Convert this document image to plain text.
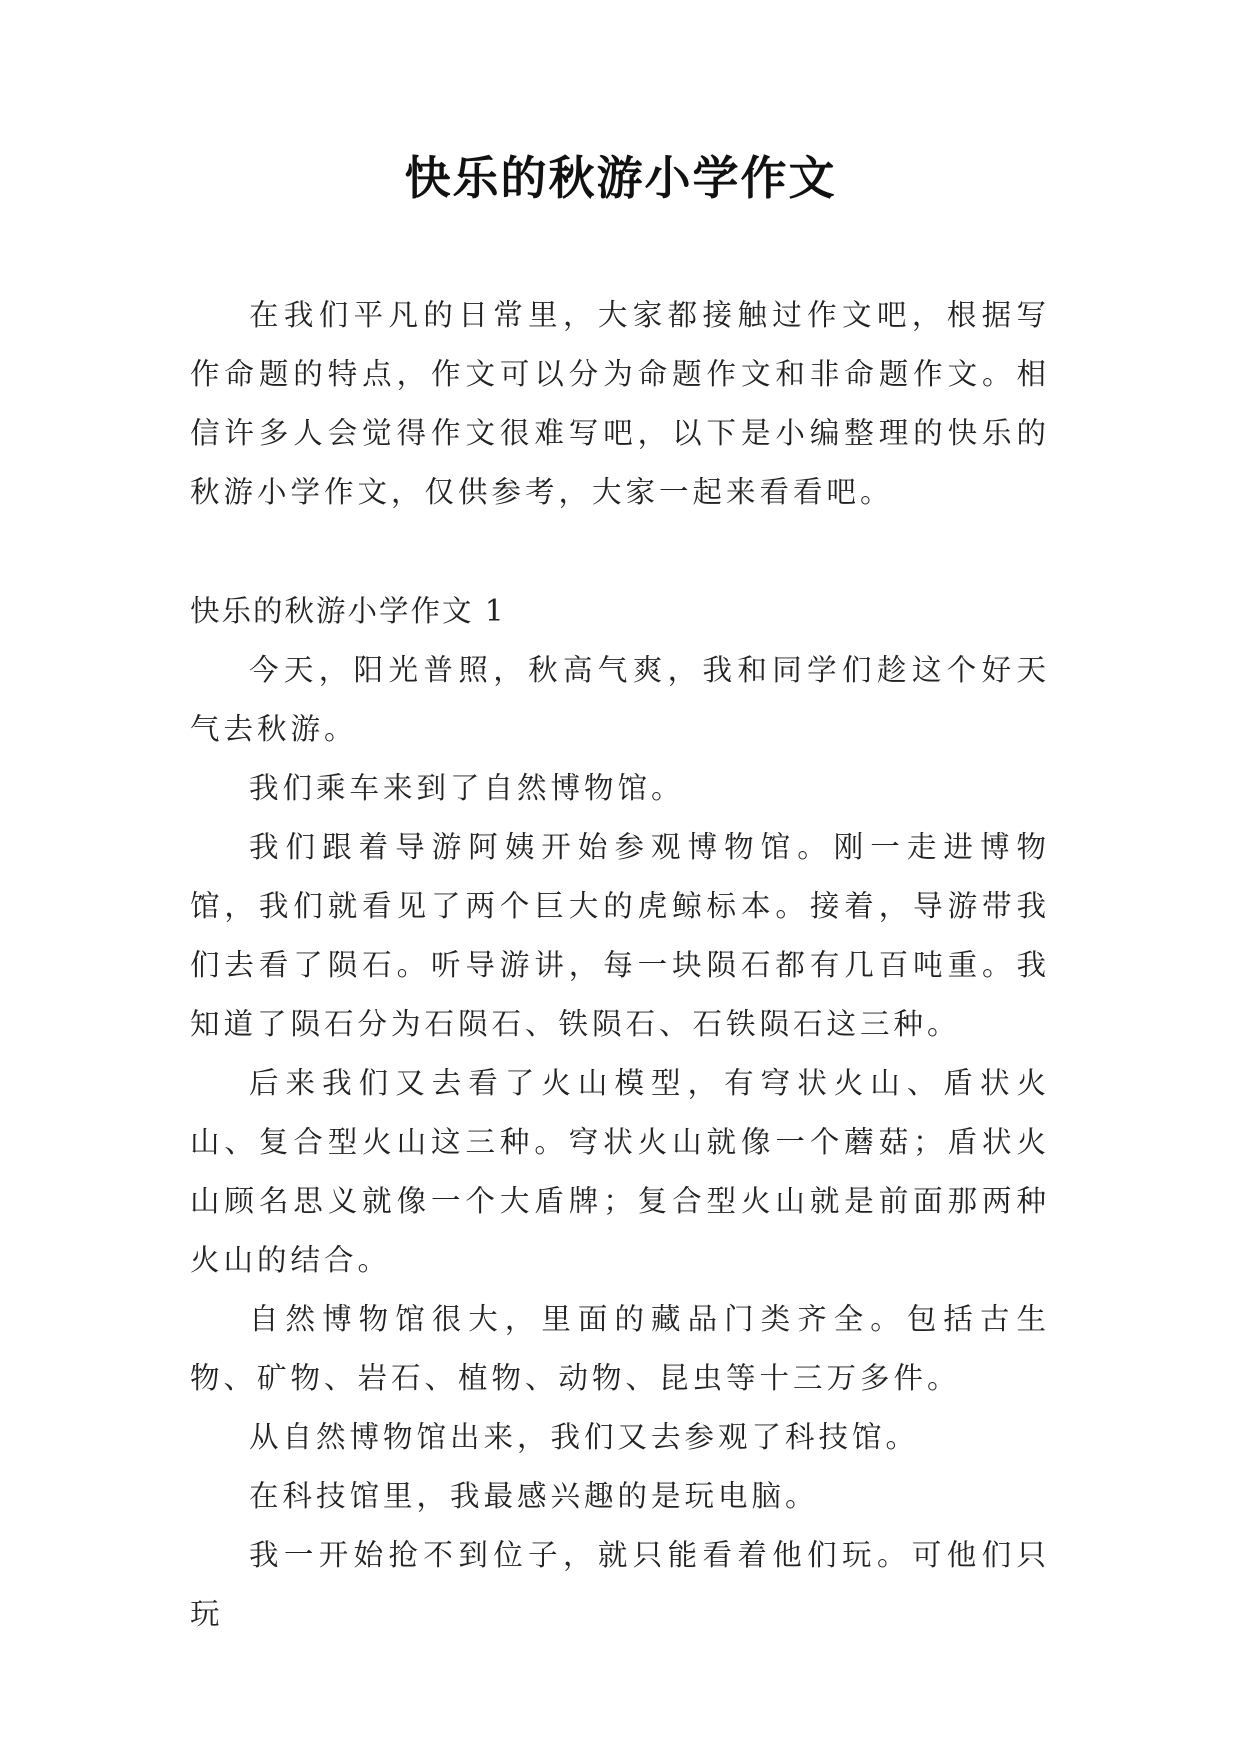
快乐的秋游小学作文

在我们平凡的日常里，大家都接触过作文吧，根据写作命题的特点，作文可以分为命题作文和非命题作文。相信许多人会觉得作文很难写吧，以下是小编整理的快乐的秋游小学作文，仅供参考，大家一起来看看吧。

快乐的秋游小学作文 1

今天，阳光普照，秋高气爽，我和同学们趁这个好天气去秋游。

我们乘车来到了自然博物馆。

我们跟着导游阿姨开始参观博物馆。刚一走进博物馆，我们就看见了两个巨大的虎鲸标本。接着，导游带我们去看了陨石。听导游讲，每一块陨石都有几百吨重。我知道了陨石分为石陨石、铁陨石、石铁陨石这三种。

后来我们又去看了火山模型，有穹状火山、盾状火山、复合型火山这三种。穹状火山就像一个蘑菇；盾状火山顾名思义就像一个大盾牌；复合型火山就是前面那两种火山的结合。

自然博物馆很大，里面的藏品门类齐全。包括古生物、矿物、岩石、植物、动物、昆虫等十三万多件。

从自然博物馆出来，我们又去参观了科技馆。

在科技馆里，我最感兴趣的是玩电脑。

我一开始抢不到位子，就只能看着他们玩。可他们只玩
